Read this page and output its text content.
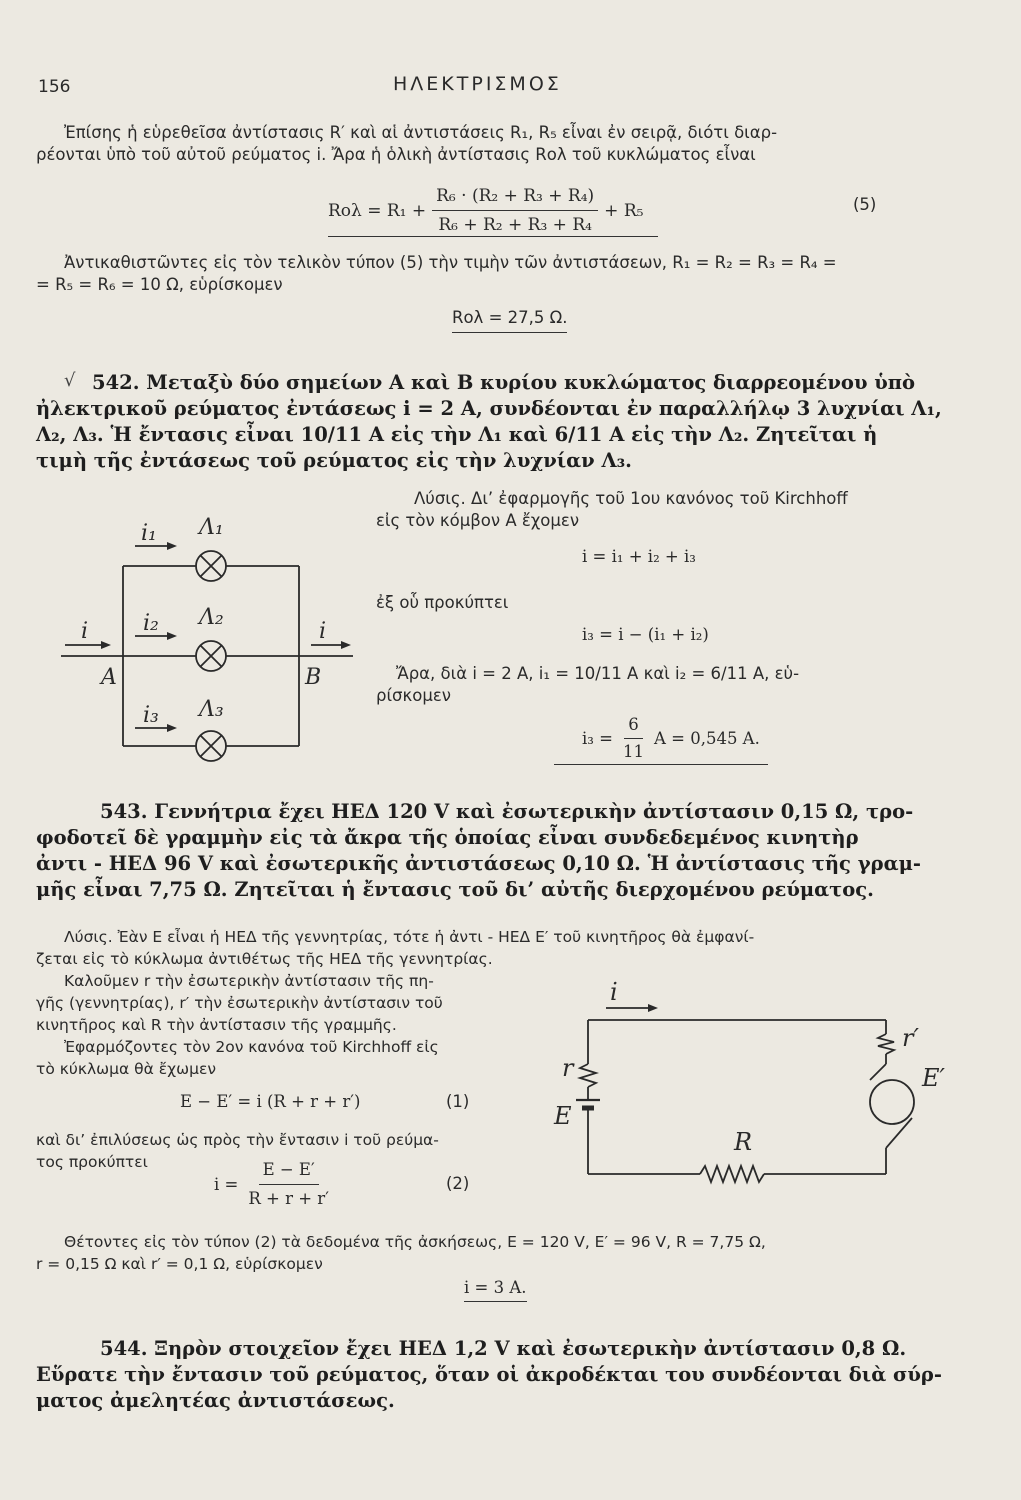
156	ΗΛΕΚΤΡΙΣΜΟΣ
Ἐπίσης ἡ εὑρεθεῖσα ἀντίστασις R′ καὶ αἱ ἀντιστάσεις R₁, R₅ εἶναι ἐν σειρᾷ, διότι διαρ-
ρέονται ὑπὸ τοῦ αὐτοῦ ρεύματος i. Ἄρα ἡ ὁλικὴ ἀντίστασις Rολ τοῦ κυκλώματος εἶναι
$Ro\lambda = R_1 + \frac{\text{R₆ · (R₂ + R₃ + R₄)}}{\text{R₆ + R₂ + R₃ + R₄}} + R_5$	(5)
Ἀντικαθιστῶντες εἰς τὸν τελικὸν τύπον (5) τὴν τιμὴν τῶν ἀντιστάσεων, R₁ = R₂ = R₃ = R₄ =
= R₅ = R₆ = 10 Ω, εὑρίσκομεν
Rολ = 27,5 Ω.
√ 542. Μεταξὺ δύο σημείων Α καὶ Β κυρίου κυκλώματος διαρρεομένου ὑπὸ
ἠλεκτρικοῦ ρεύματος ἐντάσεως i = 2 A, συνδέονται ἐν παραλλήλῳ 3 λυχνίαι Λ₁,
Λ₂, Λ₃. Ἡ ἔντασις εἶναι 10/11 Α εἰς τὴν Λ₁ καὶ 6/11 Α εἰς τὴν Λ₂. Ζητεῖται ἡ
τιμὴ τῆς ἐντάσεως τοῦ ρεύματος εἰς τὴν λυχνίαν Λ₃.
i₁ Λ₁
i₂ Λ₂
i₃ Λ₃
i	i
A	B
Λύσις. Δι’ ἐφαρμογῆς τοῦ 1ου κανόνος τοῦ Kirchhoff
εἰς τὸν κόμβον Α ἔχομεν
i = i₁ + i₂ + i₃
ἐξ οὗ προκύπτει
i₃ = i − (i₁ + i₂)
Ἄρα, διὰ i = 2 A, i₁ = 10/11 A καὶ i₂ = 6/11 A, εὑ-
ρίσκομεν
$i_3 = \frac{6}{11}$ A = 0,545 A.
543. Γεννήτρια ἔχει ΗΕΔ 120 V καὶ ἐσωτερικὴν ἀντίστασιν 0,15 Ω, τρο-
φοδοτεῖ δὲ γραμμὴν εἰς τὰ ἄκρα τῆς ὁποίας εἶναι συνδεδεμένος κινητὴρ
ἀντι - ΗΕΔ 96 V καὶ ἐσωτερικῆς ἀντιστάσεως 0,10 Ω. Ἡ ἀντίστασις τῆς γραμ-
μῆς εἶναι 7,75 Ω. Ζητεῖται ἡ ἔντασις τοῦ δι’ αὐτῆς διερχομένου ρεύματος.
Λύσις. Ἐὰν Ε εἶναι ἡ ΗΕΔ τῆς γεννητρίας, τότε ἡ ἀντι - ΗΕΔ Ε′ τοῦ κινητῆρος θὰ ἐμφανί-
ζεται εἰς τὸ κύκλωμα ἀντιθέτως τῆς ΗΕΔ τῆς γεννητρίας.
Καλοῦμεν r τὴν ἐσωτερικὴν ἀντίστασιν τῆς πη-
γῆς (γεννητρίας), r′ τὴν ἐσωτερικὴν ἀντίστασιν τοῦ
κινητῆρος καὶ R τὴν ἀντίστασιν τῆς γραμμῆς.
Ἐφαρμόζοντες τὸν 2ον κανόνα τοῦ Kirchhoff εἰς
τὸ κύκλωμα θὰ ἔχωμεν
E − E′ = i (R + r + r′)	(1)
καὶ δι’ ἐπιλύσεως ὡς πρὸς τὴν ἔντασιν i τοῦ ρεύμα-
τος προκύπτει
$i = \frac{E - E'}{R + r + r'}$	(2)
i
r′
E′
r
E
R
Θέτοντες εἰς τὸν τύπον (2) τὰ δεδομένα τῆς ἀσκήσεως, Ε = 120 V, Ε′ = 96 V, R = 7,75 Ω,
r = 0,15 Ω καὶ r′ = 0,1 Ω, εὑρίσκομεν
i = 3 A.
544. Ξηρὸν στοιχεῖον ἔχει ΗΕΔ 1,2 V καὶ ἐσωτερικὴν ἀντίστασιν 0,8 Ω.
Εὕρατε τὴν ἔντασιν τοῦ ρεύματος, ὅταν οἱ ἀκροδέκται του συνδέονται διὰ σύρ-
ματος ἀμελητέας ἀντιστάσεως.
